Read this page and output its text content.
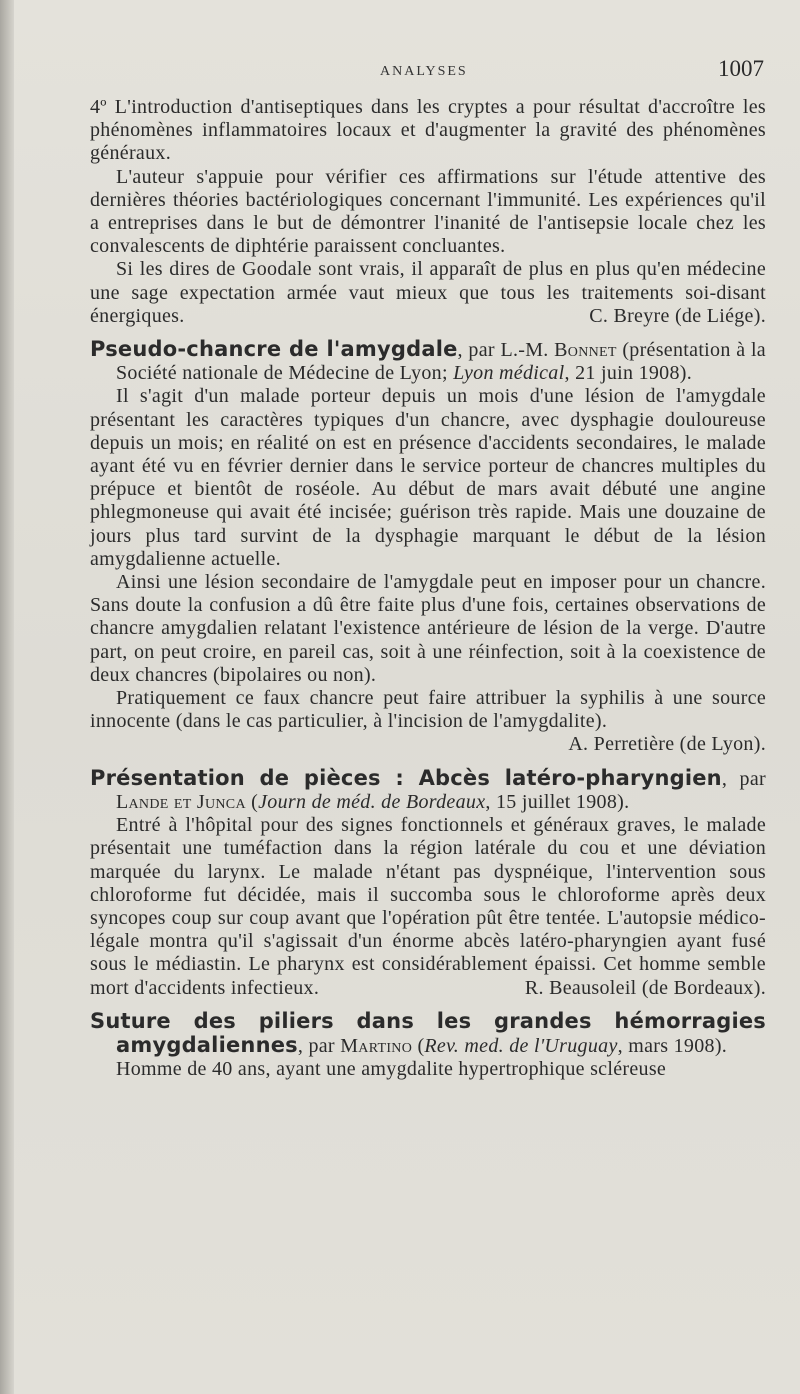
ANALYSES	1007

4º L'introduction d'antiseptiques dans les cryptes a pour résultat d'accroître les phénomènes inflammatoires locaux et d'augmenter la gravité des phénomènes généraux.

L'auteur s'appuie pour vérifier ces affirmations sur l'étude attentive des dernières théories bactériologiques concernant l'immunité. Les expériences qu'il a entreprises dans le but de démontrer l'inanité de l'antisepsie locale chez les convalescents de diphtérie paraissent concluantes.

Si les dires de Goodale sont vrais, il apparaît de plus en plus qu'en médecine une sage expectation armée vaut mieux que tous les traitements soi-disant énergiques.	C. Breyre (de Liége).

Pseudo-chancre de l'amygdale, par L.-M. Bonnet (présentation à la Société nationale de Médecine de Lyon; Lyon médical, 21 juin 1908).

Il s'agit d'un malade porteur depuis un mois d'une lésion de l'amygdale présentant les caractères typiques d'un chancre, avec dysphagie douloureuse depuis un mois; en réalité on est en présence d'accidents secondaires, le malade ayant été vu en février dernier dans le service porteur de chancres multiples du prépuce et bientôt de roséole. Au début de mars avait débuté une angine phlegmoneuse qui avait été incisée; guérison très rapide. Mais une douzaine de jours plus tard survint de la dysphagie marquant le début de la lésion amygdalienne actuelle.

Ainsi une lésion secondaire de l'amygdale peut en imposer pour un chancre. Sans doute la confusion a dû être faite plus d'une fois, certaines observations de chancre amygdalien relatant l'existence antérieure de lésion de la verge. D'autre part, on peut croire, en pareil cas, soit à une réinfection, soit à la coexistence de deux chancres (bipolaires ou non).

Pratiquement ce faux chancre peut faire attribuer la syphilis à une source innocente (dans le cas particulier, à l'incision de l'amygdalite).
A. Perretière (de Lyon).

Présentation de pièces : Abcès latéro-pharyngien, par Lande et Junca (Journ de méd. de Bordeaux, 15 juillet 1908).

Entré à l'hôpital pour des signes fonctionnels et généraux graves, le malade présentait une tuméfaction dans la région latérale du cou et une déviation marquée du larynx. Le malade n'étant pas dyspnéique, l'intervention sous chloroforme fut décidée, mais il succomba sous le chloroforme après deux syncopes coup sur coup avant que l'opération pût être tentée. L'autopsie médico-légale montra qu'il s'agissait d'un énorme abcès latéro-pharyngien ayant fusé sous le médiastin. Le pharynx est considérablement épaissi. Cet homme semble mort d'accidents infectieux.	R. Beausoleil (de Bordeaux).

Suture des piliers dans les grandes hémorragies amygdaliennes, par Martino (Rev. med. de l'Uruguay, mars 1908).

Homme de 40 ans, ayant une amygdalite hypertrophique scléreuse
